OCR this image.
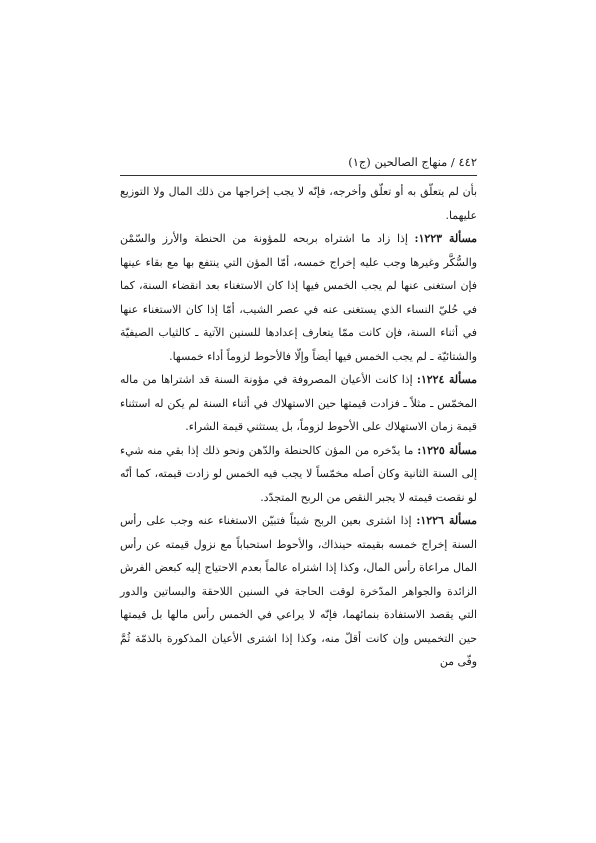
٤٤٢ / منهاج الصالحين (ج١)

بأن لم يتعلّق به أو تعلّق وأخرجه، فإنّه لا يجب إخراجها من ذلك المال ولا التوزيع عليهما.

مسألة ١٢٢٣: إذا زاد ما اشتراه بربحه للمؤونة من الحنطة والأرز والسّمْن والسُّكَّر وغيرها وجب عليه إخراج خمسه، أمّا المؤن التي ينتفع بها مع بقاء عينها فإن استغنى عنها لم يجب الخمس فيها إذا كان الاستغناء بعد انقضاء السنة، كما في حُليّ النساء الذي يستغنى عنه في عصر الشيب، أمّا إذا كان الاستغناء عنها في أثناء السنة، فإن كانت ممّا يتعارف إعدادها للسنين الآتية ـ كالثياب الصيفيّة والشتائيّة ـ لم يجب الخمس فيها أيضاً وإلّا فالأحوط لزوماً أداء خمسها.

مسألة ١٢٢٤: إذا كانت الأعيان المصروفة في مؤونة السنة قد اشتراها من ماله المخمّس ـ مثلاً ـ فزادت قيمتها حين الاستهلاك في أثناء السنة لم يكن له استثناء قيمة زمان الاستهلاك على الأحوط لزوماً، بل يستثني قيمة الشراء.

مسألة ١٢٢٥: ما يدّخره من المؤن كالحنطة والدّهن ونحو ذلك إذا بقي منه شيء إلى السنة الثانية وكان أصله مخمّساً لا يجب فيه الخمس لو زادت قيمته، كما أنّه لو نقصت قيمته لا يجبر النقص من الربح المتجدّد.

مسألة ١٢٢٦: إذا اشترى بعين الربح شيئاً فتبيّن الاستغناء عنه وجب على رأس السنة إخراج خمسه بقيمته حينذاك، والأحوط استحباباً مع نزول قيمته عن رأس المال مراعاة رأس المال، وكذا إذا اشتراه عالماً بعدم الاحتياج إليه كبعض الفرش الزائدة والجواهر المدّخرة لوقت الحاجة في السنين اللاحقة والبساتين والدور التي يقصد الاستفادة بنمائهما، فإنّه لا يراعي في الخمس رأس مالها بل قيمتها حين التخميس وإن كانت أقلّ منه، وكذا إذا اشترى الأعيان المذكورة بالذمّة ثُمَّ وفّى من
